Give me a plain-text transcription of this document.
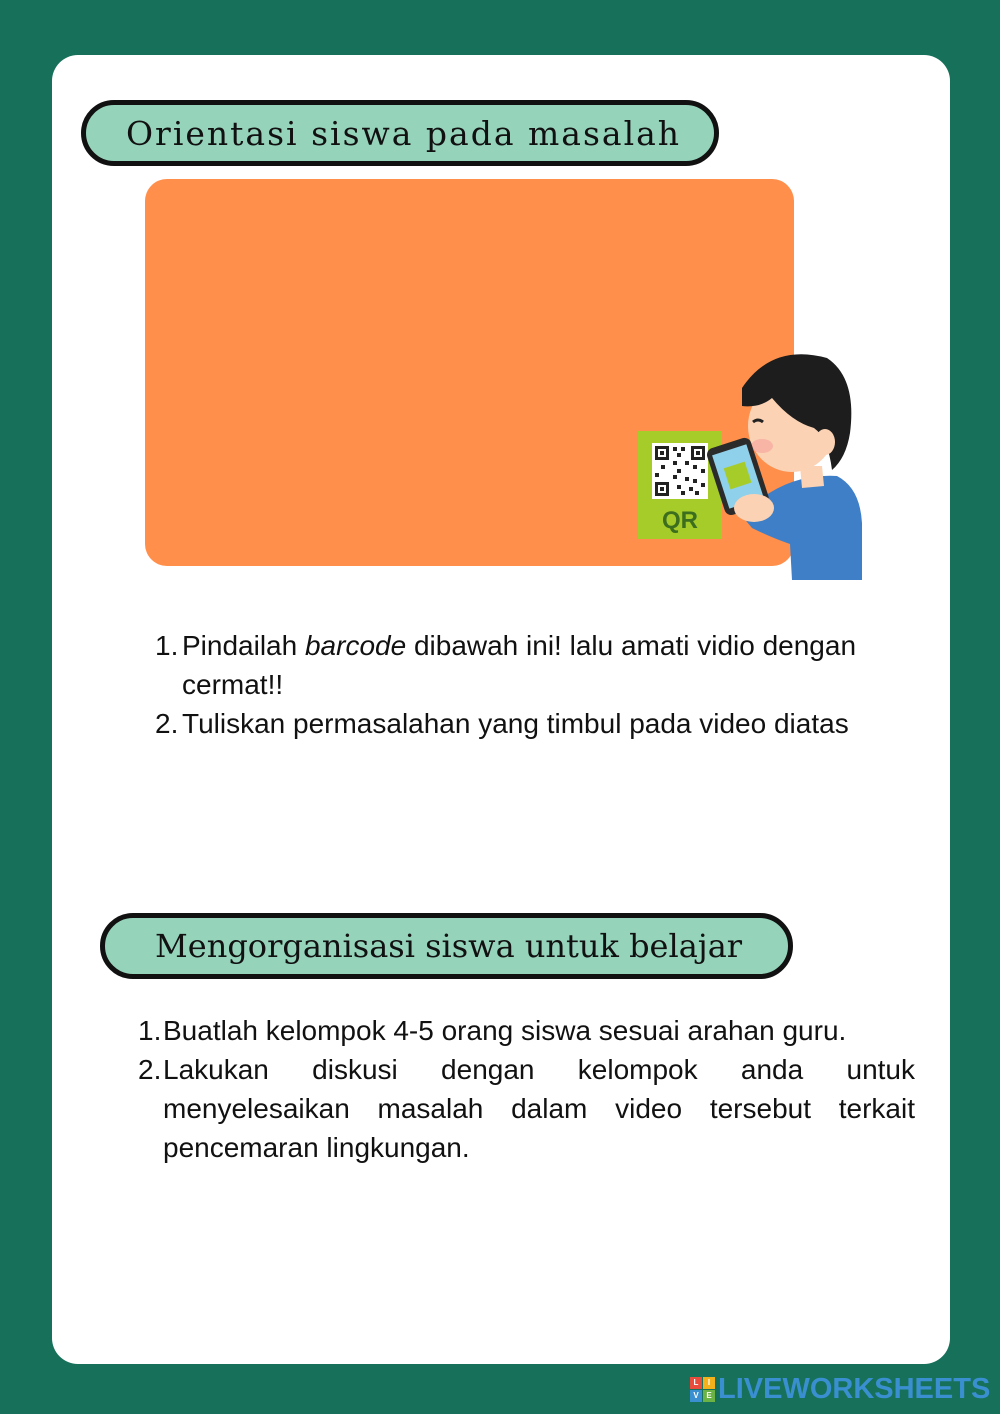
Orientasi siswa pada masalah
QR
1. Pindailah barcode dibawah ini! lalu amati vidio dengan cermat!!
2. Tuliskan permasalahan yang timbul pada video diatas
Mengorganisasi siswa untuk belajar
1. Buatlah kelompok 4-5 orang siswa sesuai arahan guru.
2. Lakukan diskusi dengan kelompok anda untuk menyelesaikan masalah dalam video tersebut terkait pencemaran lingkungan.
L	I
V E LIVEWORKSHEETS
